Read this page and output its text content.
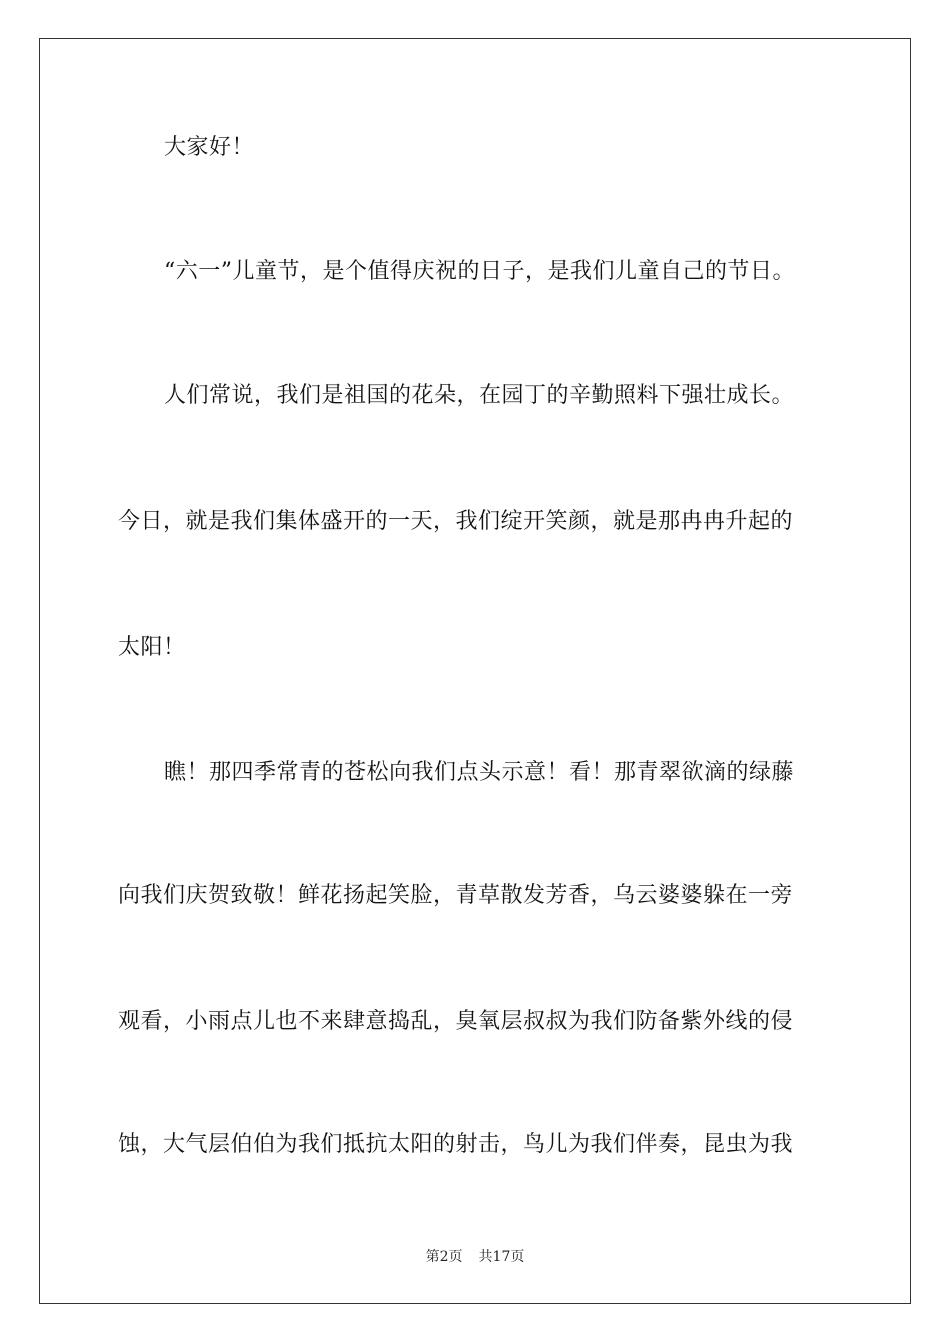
大家好！
“六一”儿童节，是个值得庆祝的日子，是我们儿童自己的节日。
人们常说，我们是祖国的花朵，在园丁的辛勤照料下强壮成长。
今日，就是我们集体盛开的一天，我们绽开笑颜，就是那冉冉升起的
太阳！
瞧！那四季常青的苍松向我们点头示意！看！那青翠欲滴的绿藤
向我们庆贺致敬！鲜花扬起笑脸，青草散发芳香，乌云婆婆躲在一旁
观看，小雨点儿也不来肆意捣乱，臭氧层叔叔为我们防备紫外线的侵
蚀，大气层伯伯为我们抵抗太阳的射击，鸟儿为我们伴奏，昆虫为我
第2页 共17页
